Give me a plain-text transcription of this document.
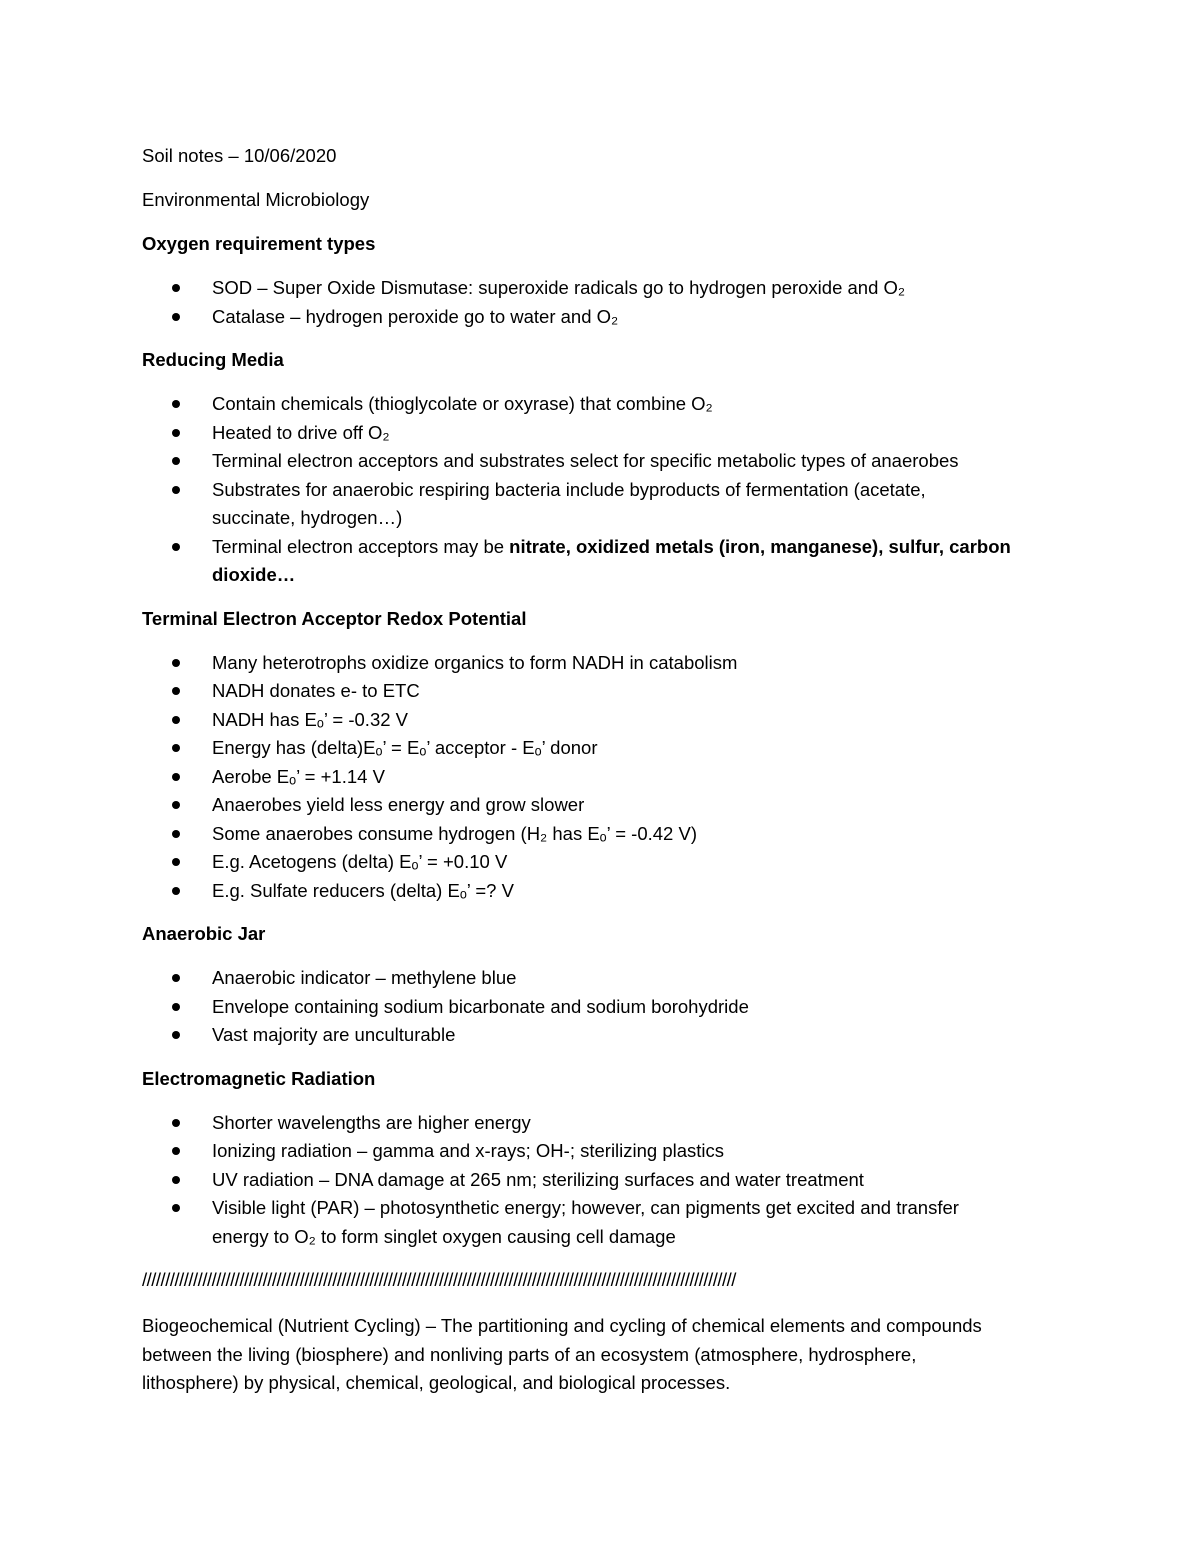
Soil notes – 10/06/2020
Environmental Microbiology
Oxygen requirement types
SOD – Super Oxide Dismutase: superoxide radicals go to hydrogen peroxide and O₂
Catalase – hydrogen peroxide go to water and O₂
Reducing Media
Contain chemicals (thioglycolate or oxyrase) that combine O₂
Heated to drive off O₂
Terminal electron acceptors and substrates select for specific metabolic types of anaerobes
Substrates for anaerobic respiring bacteria include byproducts of fermentation (acetate,
succinate, hydrogen…)
Terminal electron acceptors may be nitrate, oxidized metals (iron, manganese), sulfur, carbon
dioxide…
Terminal Electron Acceptor Redox Potential
Many heterotrophs oxidize organics to form NADH in catabolism
NADH donates e- to ETC
NADH has Eₒ’ = -0.32 V
Energy has (delta)Eₒ’ = Eₒ’ acceptor - Eₒ’ donor
Aerobe Eₒ’ = +1.14 V
Anaerobes yield less energy and grow slower
Some anaerobes consume hydrogen (H₂ has Eₒ’ = -0.42 V)
E.g. Acetogens (delta) Eₒ’ = +0.10 V
E.g. Sulfate reducers (delta) Eₒ’ =? V
Anaerobic Jar
Anaerobic indicator – methylene blue
Envelope containing sodium bicarbonate and sodium borohydride
Vast majority are unculturable
Electromagnetic Radiation
Shorter wavelengths are higher energy
Ionizing radiation – gamma and x-rays; OH-; sterilizing plastics
UV radiation – DNA damage at 265 nm; sterilizing surfaces and water treatment
Visible light (PAR) – photosynthetic energy; however, can pigments get excited and transfer
energy to O₂ to form singlet oxygen causing cell damage
////////////////////////////////////////////////////////////////////////////////////////////////////////////////////////////////
Biogeochemical (Nutrient Cycling) – The partitioning and cycling of chemical elements and compounds
between the living (biosphere) and nonliving parts of an ecosystem (atmosphere, hydrosphere,
lithosphere) by physical, chemical, geological, and biological processes.
